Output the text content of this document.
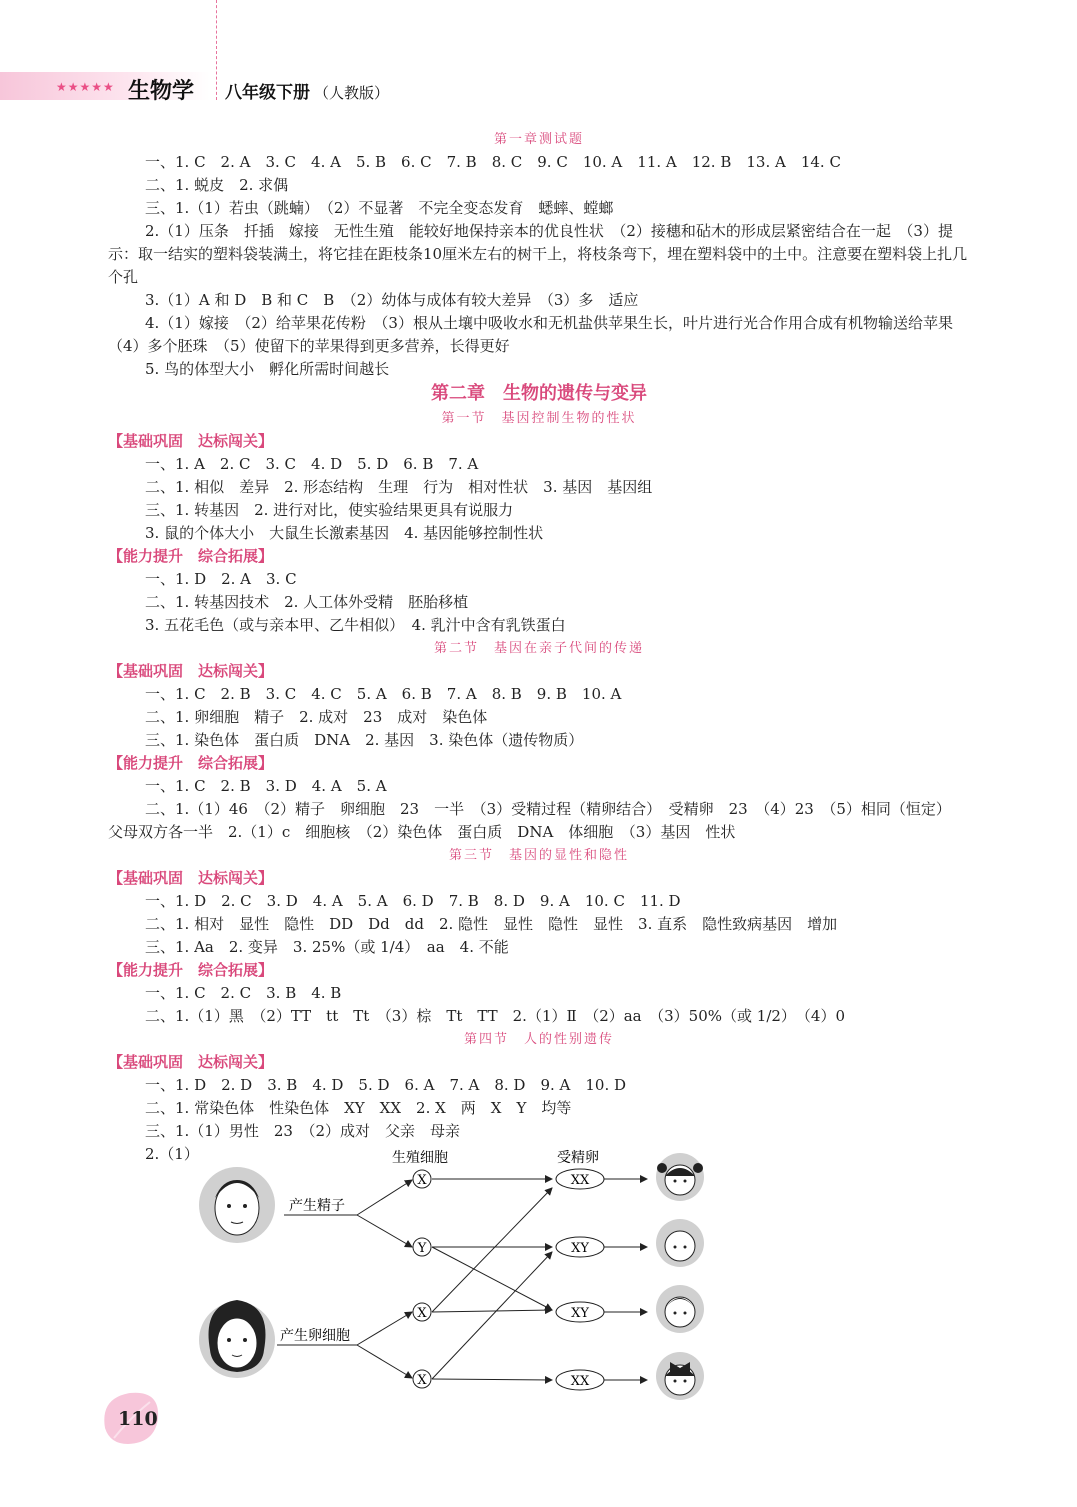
★★★★★ 生物学 八年级下册 （人教版）
第一章测试题
一、1. C　2. A　3. C　4. A　5. B　6. C　7. B　8. C　9. C　10. A　11. A　12. B　13. A　14. C
二、1. 蜕皮　2. 求偶
三、1.（1）若虫（跳蝻）　（2）不显著　不完全变态发育　蟋蟀、螳螂
2.（1）压条　扦插　嫁接　无性生殖　能较好地保持亲本的优良性状　（2）接穗和砧木的形成层紧密结合在一起　（3）提示：取一结实的塑料袋装满土，将它挂在距枝条10厘米左右的树干上，将枝条弯下，埋在塑料袋中的土中。注意要在塑料袋上扎几个孔
3.（1）A 和 D　B 和 C　B　（2）幼体与成体有较大差异　（3）多　适应
4.（1）嫁接　（2）给苹果花传粉　（3）根从土壤中吸收水和无机盐供苹果生长，叶片进行光合作用合成有机物输送给苹果　（4）多个胚珠　（5）使留下的苹果得到更多营养，长得更好
5. 鸟的体型大小　孵化所需时间越长
第二章　生物的遗传与变异
第一节　基因控制生物的性状
【基础巩固　达标闯关】
一、1. A　2. C　3. C　4. D　5. D　6. B　7. A
二、1. 相似　差异　2. 形态结构　生理　行为　相对性状　3. 基因　基因组
三、1. 转基因　2. 进行对比，使实验结果更具有说服力
3. 鼠的个体大小　大鼠生长激素基因　4. 基因能够控制性状
【能力提升　综合拓展】
一、1. D　2. A　3. C
二、1. 转基因技术　2. 人工体外受精　胚胎移植
3. 五花毛色（或与亲本甲、乙牛相似）　4. 乳汁中含有乳铁蛋白
第二节　基因在亲子代间的传递
【基础巩固　达标闯关】
一、1. C　2. B　3. C　4. C　5. A　6. B　7. A　8. B　9. B　10. A
二、1. 卵细胞　精子　2. 成对　23　成对　染色体
三、1. 染色体　蛋白质　DNA　2. 基因　3. 染色体（遗传物质）
【能力提升　综合拓展】
一、1. C　2. B　3. D　4. A　5. A
二、1.（1）46　（2）精子　卵细胞　23　一半　（3）受精过程（精卵结合）　受精卵　23　（4）23　（5）相同（恒定）　父母双方各一半　2.（1）c　细胞核　（2）染色体　蛋白质　DNA　体细胞　（3）基因　性状
第三节　基因的显性和隐性
【基础巩固　达标闯关】
一、1. D　2. C　3. D　4. A　5. A　6. D　7. B　8. D　9. A　10. C　11. D
二、1. 相对　显性　隐性　DD　Dd　dd　2. 隐性　显性　隐性　显性　3. 直系　隐性致病基因　增加
三、1. Aa　2. 变异　3. 25%（或 1/4）　aa　4. 不能
【能力提升　综合拓展】
一、1. C　2. C　3. B　4. B
二、1.（1）黑　（2）TT　tt　Tt　（3）棕　Tt　TT　2.（1）Ⅱ　（2）aa　（3）50%（或 1/2）　（4）0
第四节　人的性别遗传
【基础巩固　达标闯关】
一、1. D　2. D　3. B　4. D　5. D　6. A　7. A　8. D　9. A　10. D
二、1. 常染色体　性染色体　XY　XX　2. X　两　X　Y　均等
三、1.（1）男性　23　（2）成对　父亲　母亲
2.（1）	生殖细胞	受精卵
产生精子
产生卵细胞
X
Y
X
X
XX
XY
XY
XX
110
